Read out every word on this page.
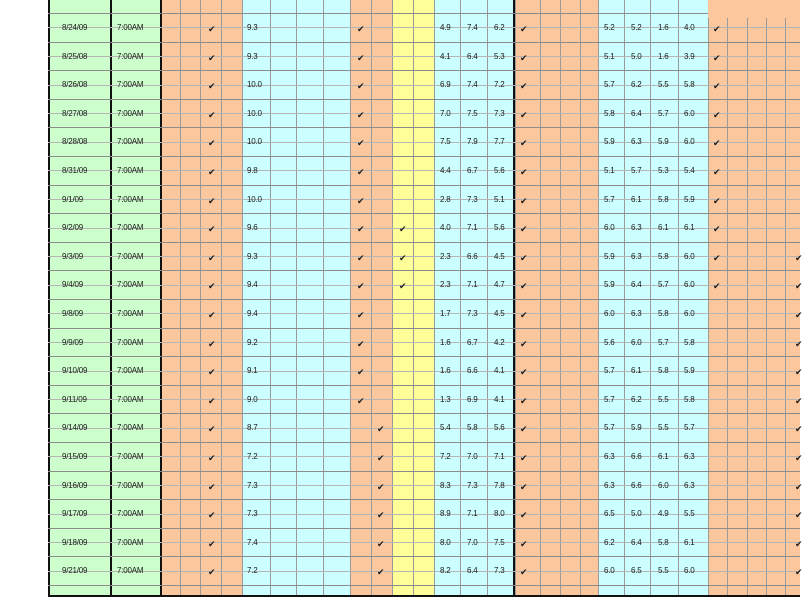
8/24/09	7:00AM	✔	9.3	✔	4.9 7.4 6.2 ✔	5.2 5.2 1.6 4.0 ✔
8/25/08	7:00AM	✔	9.3	✔	4.1 6.4 5.3 ✔	5.1 5.0 1.6 3.9 ✔
8/26/08	7:00AM	✔	10.0	✔	6.9 7.4 7.2 ✔	5.7 6.2 5.5 5.8 ✔
8/27/08	7:00AM	✔	10.0	✔	7.0 7.5 7.3 ✔	5.8 6.4 5.7 6.0 ✔
8/28/08	7:00AM	✔	10.0	✔	7.5 7.9 7.7 ✔	5.9 6.3 5.9 6.0 ✔
8/31/09	7:00AM	✔	9.8	✔	4.4 6.7 5.6 ✔	5.1 5.7 5.3 5.4 ✔
9/1/09	7:00AM	✔	10.0	✔	2.8 7.3 5.1 ✔	5.7 6.1 5.8 5.9 ✔
9/2/09	7:00AM	✔	9.6	✔	✔	4.0 7.1 5.6 ✔	6.0 6.3 6.1 6.1 ✔
9/3/09	7:00AM	✔	9.3	✔	✔	2.3 6.6 4.5 ✔	5.9 6.3 5.8 6.0 ✔	✔
9/4/09	7:00AM	✔	9.4	✔	✔	2.3 7.1 4.7 ✔	5.9 6.4 5.7 6.0 ✔	✔
9/8/09	7:00AM	✔	9.4	✔	1.7 7.3 4.5 ✔	6.0 6.3 5.8 6.0	✔
9/9/09	7:00AM	✔	9.2	✔	1.6 6.7 4.2 ✔	5.6 6.0 5.7 5.8	✔
9/10/09	7:00AM	✔	9.1	✔	1.6 6.6 4.1 ✔	5.7 6.1 5.8 5.9	✔
9/11/09	7:00AM	✔	9.0	✔	1.3 6.9 4.1 ✔	5.7 6.2 5.5 5.8	✔
9/14/09	7:00AM	✔	8.7	✔	5.4 5.8 5.6 ✔	5.7 5.9 5.5 5.7	✔
9/15/09	7:00AM	✔	7.2	✔	7.2 7.0 7.1 ✔	6.3 6.6 6.1 6.3	✔
9/16/09	7:00AM	✔	7.3	✔	8.3 7.3 7.8 ✔	6.3 6.6 6.0 6.3	✔
9/17/09	7:00AM	✔	7.3	✔	8.9 7.1 8.0 ✔	6.5 5.0 4.9 5.5	✔
9/18/09	7:00AM	✔	7.4	✔	8.0 7.0 7.5 ✔	6.2 6.4 5.8 6.1	✔
9/21/09	7:00AM	✔	7.2	✔	8.2 6.4 7.3 ✔	6.0 6.5 5.5 6.0	✔
